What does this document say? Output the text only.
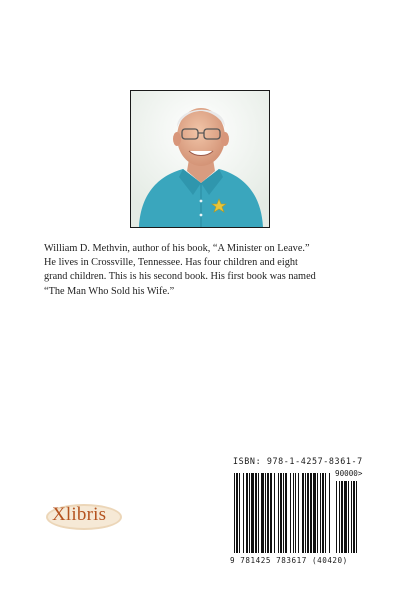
William D. Methvin, author of his book, “A Minister on Leave.”
He lives in Crossville, Tennessee. Has four children and eight
grand children. This is his second book. His first book was named
“The Man Who Sold his Wife.”

Xlibris
ISBN: 978-1-4257-8361-7
90000>
9 781425 783617 (40420)
